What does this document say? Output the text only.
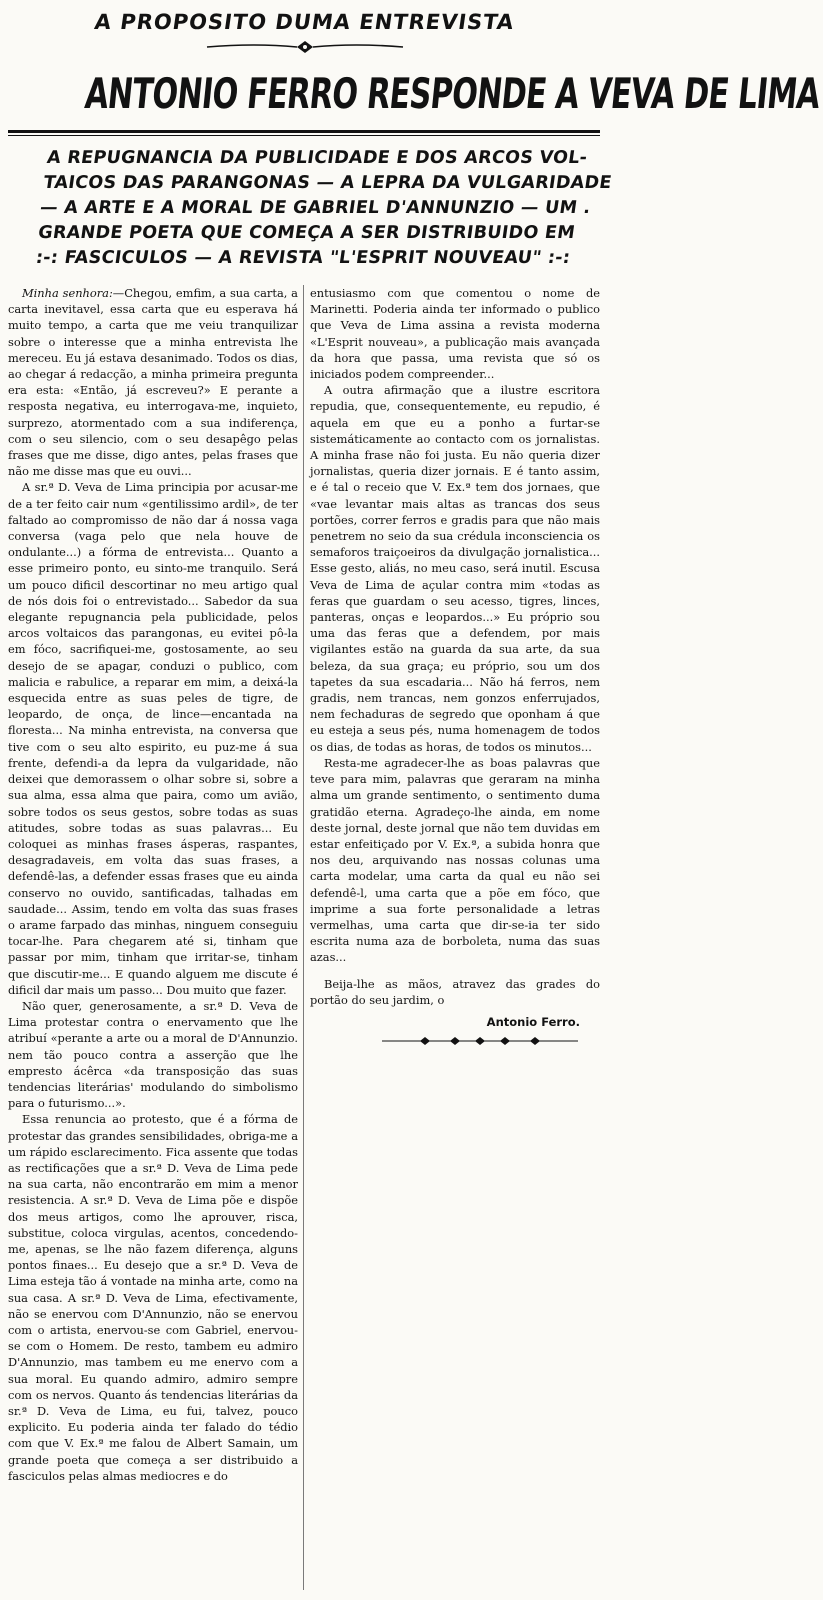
A PROPOSITO DUMA ENTREVISTA
ANTONIO FERRO RESPONDE A VEVA DE LIMA
A REPUGNANCIA DA PUBLICIDADE E DOS ARCOS VOL-
TAICOS DAS PARANGONAS — A LEPRA DA VULGARIDADE
— A ARTE E A MORAL DE GABRIEL D'ANNUNZIO — UM .
GRANDE POETA QUE COMEÇA A SER DISTRIBUIDO EM
:-: FASCICULOS — A REVISTA "L'ESPRIT NOUVEAU" :-:

Minha senhora:—Chegou, emfim, a sua carta, a carta inevitavel, essa carta que eu esperava há muito tempo, a carta que me veiu tranquilizar sobre o interesse que a minha entrevista lhe mereceu. Eu já estava desanimado. Todos os dias, ao chegar á redacção, a minha primeira pregunta era esta: «Então, já escreveu?» E perante a resposta negativa, eu interrogava-me, inquieto, surprezo, atormentado com a sua indiferença, com o seu silencio, com o seu desapêgo pelas frases que me disse, digo antes, pelas frases que não me disse mas que eu ouvi...

A sr.ª D. Veva de Lima principia por acusar-me de a ter feito cair num «gentilissimo ardil», de ter faltado ao compromisso de não dar á nossa vaga conversa (vaga pelo que nela houve de ondulante...) a fórma de entrevista... Quanto a esse primeiro ponto, eu sinto-me tranquilo. Será um pouco dificil descortinar no meu artigo qual de nós dois foi o entrevistado... Sabedor da sua elegante repugnancia pela publicidade, pelos arcos voltaicos das parangonas, eu evitei pô-la em fóco, sacrifiquei-me, gostosamente, ao seu desejo de se apagar, conduzi o publico, com malicia e rabulice, a reparar em mim, a deixá-la esquecida entre as suas peles de tigre, de leopardo, de onça, de lince—encantada na floresta... Na minha entrevista, na conversa que tive com o seu alto espirito, eu puz-me á sua frente, defendi-a da lepra da vulgaridade, não deixei que demorassem o olhar sobre si, sobre a sua alma, essa alma que paira, como um avião, sobre todos os seus gestos, sobre todas as suas atitudes, sobre todas as suas palavras... Eu coloquei as minhas frases ásperas, raspantes, desagradaveis, em volta das suas frases, a defendê-las, a defender essas frases que eu ainda conservo no ouvido, santificadas, talhadas em saudade... Assim, tendo em volta das suas frases o arame farpado das minhas, ninguem conseguiu tocar-lhe. Para chegarem até si, tinham que passar por mim, tinham que irritar-se, tinham que discutir-me... E quando alguem me discute é dificil dar mais um passo... Dou muito que fazer.

Não quer, generosamente, a sr.ª D. Veva de Lima protestar contra o enervamento que lhe atribuí «perante a arte ou a moral de D'Annunzio. nem tão pouco contra a asserção que lhe empresto ácêrca «da transposição das suas tendencias literárias' modulando do simbolismo para o futurismo...».

Essa renuncia ao protesto, que é a fórma de protestar das grandes sensibilidades, obriga-me a um rápido esclarecimento. Fica assente que todas as rectificações que a sr.ª D. Veva de Lima pede na sua carta, não encontrarão em mim a menor resistencia. A sr.ª D. Veva de Lima põe e dispõe dos meus artigos, como lhe aprouver, risca, substitue, coloca virgulas, acentos, concedendo-me, apenas, se lhe não fazem diferença, alguns pontos finaes... Eu desejo que a sr.ª D. Veva de Lima esteja tão á vontade na minha arte, como na sua casa. A sr.ª D. Veva de Lima, efectivamente, não se enervou com D'Annunzio, não se enervou com o artista, enervou-se com Gabriel, enervou-se com o Homem. De resto, tambem eu admiro D'Annunzio, mas tambem eu me enervo com a sua moral. Eu quando admiro, admiro sempre com os nervos. Quanto ás tendencias literárias da sr.ª D. Veva de Lima, eu fui, talvez, pouco explicito. Eu poderia ainda ter falado do tédio com que V. Ex.ª me falou de Albert Samain, um grande poeta que começa a ser distribuido a fasciculos pelas almas mediocres e do

entusiasmo com que comentou o nome de Marinetti. Poderia ainda ter informado o publico que Veva de Lima assina a revista moderna «L'Esprit nouveau», a publicação mais avançada da hora que passa, uma revista que só os iniciados podem compreender...

A outra afirmação que a ilustre escritora repudia, que, consequentemente, eu repudio, é aquela em que eu a ponho a furtar-se sistemáticamente ao contacto com os jornalistas. A minha frase não foi justa. Eu não queria dizer jornalistas, queria dizer jornais. E é tanto assim, e é tal o receio que V. Ex.ª tem dos jornaes, que «vae levantar mais altas as trancas dos seus portões, correr ferros e gradis para que não mais penetrem no seio da sua crédula inconsciencia os semaforos traiçoeiros da divulgação jornalistica... Esse gesto, aliás, no meu caso, será inutil. Escusa Veva de Lima de açular contra mim «todas as feras que guardam o seu acesso, tigres, linces, panteras, onças e leopardos...» Eu próprio sou uma das feras que a defendem, por mais vigilantes estão na guarda da sua arte, da sua beleza, da sua graça; eu próprio, sou um dos tapetes da sua escadaria... Não há ferros, nem gradis, nem trancas, nem gonzos enferrujados, nem fechaduras de segredo que oponham á que eu esteja a seus pés, numa homenagem de todos os dias, de todas as horas, de todos os minutos...

Resta-me agradecer-lhe as boas palavras que teve para mim, palavras que geraram na minha alma um grande sentimento, o sentimento duma gratidão eterna. Agradeço-lhe ainda, em nome deste jornal, deste jornal que não tem duvidas em estar enfeitiçado por V. Ex.ª, a subida honra que nos deu, arquivando nas nossas colunas uma carta modelar, uma carta da qual eu não sei defendê-l, uma carta que a põe em fóco, que imprime a sua forte personalidade a letras vermelhas, uma carta que dir-se-ia ter sido escrita numa aza de borboleta, numa das suas azas...

Beija-lhe as mãos, atravez das grades do portão do seu jardim, o

Antonio Ferro.
